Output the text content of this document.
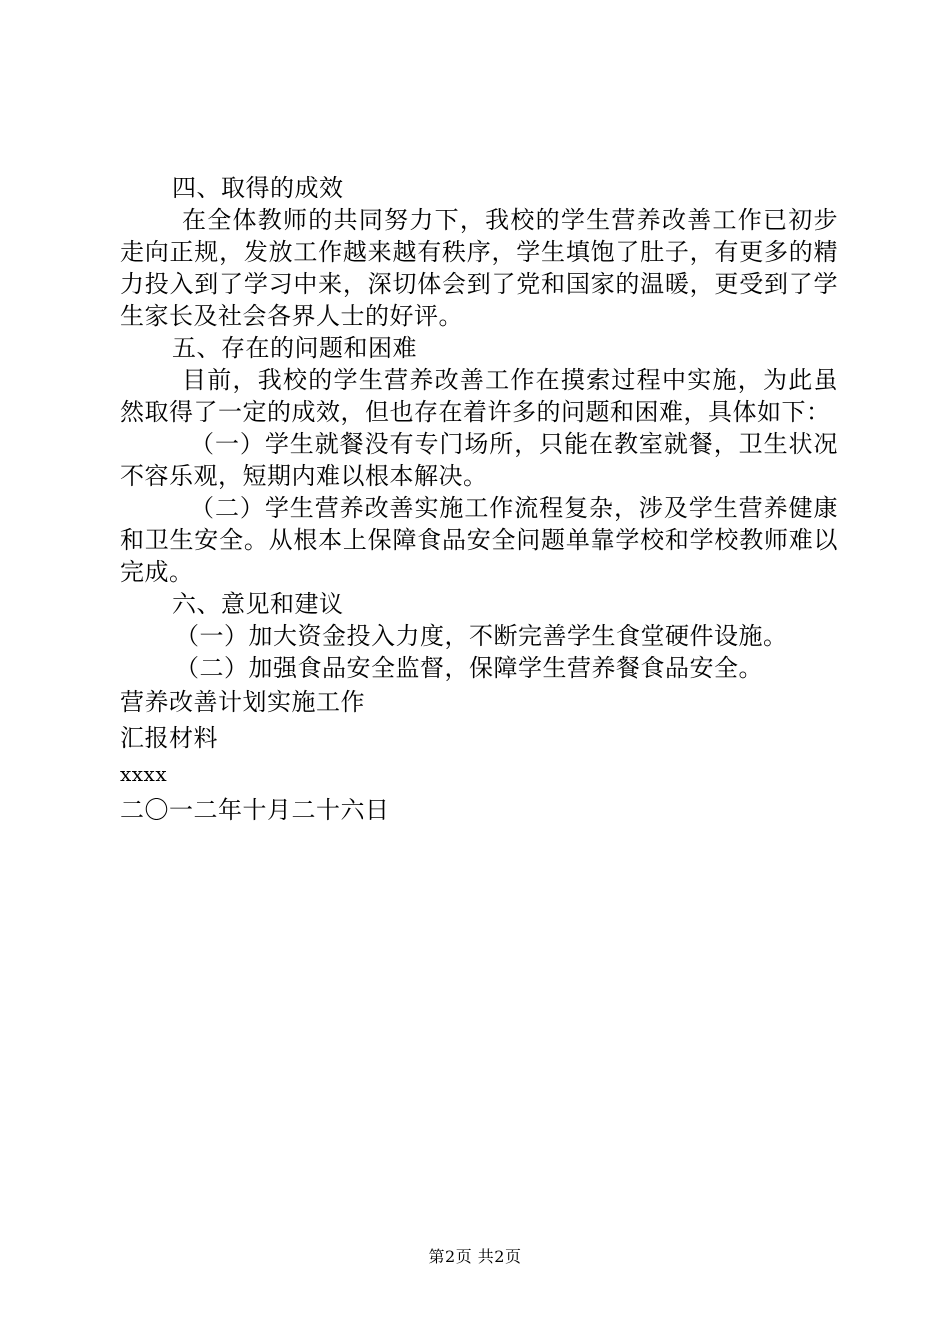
四、取得的成效

在全体教师的共同努力下，我校的学生营养改善工作已初步走向正规，发放工作越来越有秩序，学生填饱了肚子，有更多的精力投入到了学习中来，深切体会到了党和国家的温暖，更受到了学生家长及社会各界人士的好评。

五、存在的问题和困难

目前，我校的学生营养改善工作在摸索过程中实施，为此虽然取得了一定的成效，但也存在着许多的问题和困难，具体如下：

（一）学生就餐没有专门场所，只能在教室就餐，卫生状况不容乐观，短期内难以根本解决。

（二）学生营养改善实施工作流程复杂，涉及学生营养健康和卫生安全。从根本上保障食品安全问题单靠学校和学校教师难以完成。

六、意见和建议

（一）加大资金投入力度，不断完善学生食堂硬件设施。

（二）加强食品安全监督，保障学生营养餐食品安全。

营养改善计划实施工作

汇报材料

xxxx

二〇一二年十月二十六日

第2页 共2页
